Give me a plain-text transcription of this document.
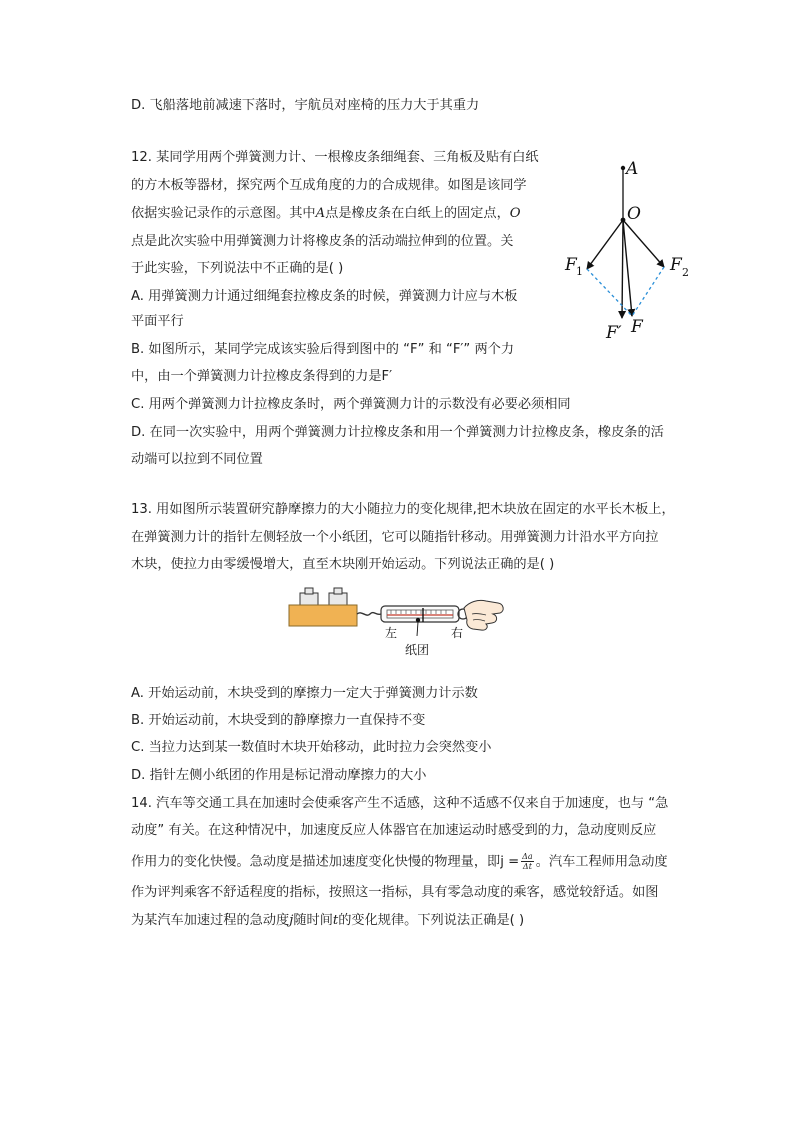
D. 飞船落地前减速下落时，宇航员对座椅的压力大于其重力
12. 某同学用两个弹簧测力计、一根橡皮条细绳套、三角板及贴有白纸
的方木板等器材，探究两个互成角度的力的合成规律。如图是该同学
依据实验记录作的示意图。其中A点是橡皮条在白纸上的固定点，O
点是此次实验中用弹簧测力计将橡皮条的活动端拉伸到的位置。关
于此实验，下列说法中不正确的是( )
A. 用弹簧测力计通过细绳套拉橡皮条的时候，弹簧测力计应与木板
平面平行
B. 如图所示，某同学完成该实验后得到图中的 “F” 和 “F′” 两个力
中，由一个弹簧测力计拉橡皮条得到的力是F′
C. 用两个弹簧测力计拉橡皮条时，两个弹簧测力计的示数没有必要必须相同
D. 在同一次实验中，用两个弹簧测力计拉橡皮条和用一个弹簧测力计拉橡皮条，橡皮条的活
动端可以拉到不同位置
A
O
F 1	F 2
F′ F
13. 用如图所示装置研究静摩擦力的大小随拉力的变化规律,把木块放在固定的水平长木板上，
在弹簧测力计的指针左侧轻放一个小纸团，它可以随指针移动。用弹簧测力计沿水平方向拉
木块，使拉力由零缓慢增大，直至木块刚开始运动。下列说法正确的是( )
左	右
纸团
A. 开始运动前，木块受到的摩擦力一定大于弹簧测力计示数
B. 开始运动前，木块受到的静摩擦力一直保持不变
C. 当拉力达到某一数值时木块开始移动，此时拉力会突然变小
D. 指针左侧小纸团的作用是标记滑动摩擦力的大小
14. 汽车等交通工具在加速时会使乘客产生不适感，这种不适感不仅来自于加速度，也与 “急
动度” 有关。在这种情况中，加速度反应人体器官在加速运动时感受到的力，急动度则反应
作用力的变化快慢。急动度是描述加速度变化快慢的物理量，即$j = \frac{\Delta a}{\Delta t}$ 。汽车工程师用急动度
作为评判乘客不舒适程度的指标，按照这一指标，具有零急动度的乘客，感觉较舒适。如图
为某汽车加速过程的急动度j随时间t的变化规律。下列说法正确是( )
